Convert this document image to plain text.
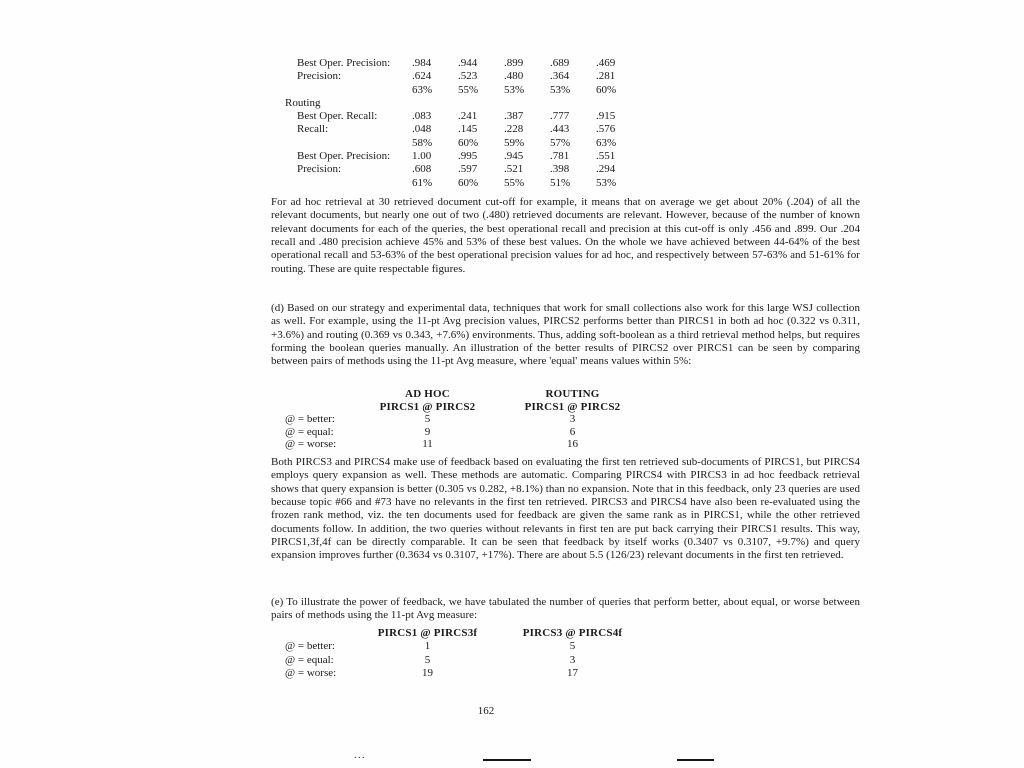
Best Oper. Precision:	.984	.944	.899	.689	.469
Precision:	.624	.523	.480	.364	.281
63%	55%	53%	53%	60%
Routing
Best Oper. Recall:	.083	.241	.387	.777	.915
Recall:	.048	.145	.228	.443	.576
58%	60%	59%	57%	63%
Best Oper. Precision:	1.00	.995	.945	.781	.551
Precision:	.608	.597	.521	.398	.294
61%	60%	55%	51%	53%
For ad hoc retrieval at 30 retrieved document cut-off for example, it means that on average we get about 20% (.204) of all the relevant documents, but nearly one out of two (.480) retrieved documents are relevant. However, because of the number of known relevant documents for each of the queries, the best operational recall and precision at this cut-off is only .456 and .899. Our .204 recall and .480 precision achieve 45% and 53% of these best values. On the whole we have achieved between 44-64% of the best operational recall and 53-63% of the best operational precision values for ad hoc, and respectively between 57-63% and 51-61% for routing. These are quite respectable figures.
(d) Based on our strategy and experimental data, techniques that work for small collections also work for this large WSJ collection as well. For example, using the 11-pt Avg precision values, PIRCS2 performs better than PIRCS1 in both ad hoc (0.322 vs 0.311, +3.6%) and routing (0.369 vs 0.343, +7.6%) environments. Thus, adding soft-boolean as a third retrieval method helps, but requires forming the boolean queries manually. An illustration of the better results of PIRCS2 over PIRCS1 can be seen by comparing between pairs of methods using the 11-pt Avg measure, where 'equal' means values within 5%:
AD HOC	ROUTING
PIRCS1 @ PIRCS2	PIRCS1 @ PIRCS2
@ = better:	5	3
@ = equal:	9	6
@ = worse:	11	16
Both PIRCS3 and PIRCS4 make use of feedback based on evaluating the first ten retrieved sub-documents of PIRCS1, but PIRCS4 employs query expansion as well. These methods are automatic. Comparing PIRCS4 with PIRCS3 in ad hoc feedback retrieval shows that query expansion is better (0.305 vs 0.282, +8.1%) than no expansion. Note that in this feedback, only 23 queries are used because topic #66 and #73 have no relevants in the first ten retrieved. PIRCS3 and PIRCS4 have also been re-evaluated using the frozen rank method, viz. the ten documents used for feedback are given the same rank as in PIRCS1, while the other retrieved documents follow. In addition, the two queries without relevants in first ten are put back carrying their PIRCS1 results. This way, PIRCS1,3f,4f can be directly comparable. It can be seen that feedback by itself works (0.3407 vs 0.3107, +9.7%) and query expansion improves further (0.3634 vs 0.3107, +17%). There are about 5.5 (126/23) relevant documents in the first ten retrieved.
(e) To illustrate the power of feedback, we have tabulated the number of queries that perform better, about equal, or worse between pairs of methods using the 11-pt Avg measure:
PIRCS1 @ PIRCS3f	PIRCS3 @ PIRCS4f
@ = better:	1	5
@ = equal:	5	3
@ = worse:	19	17
162
...
